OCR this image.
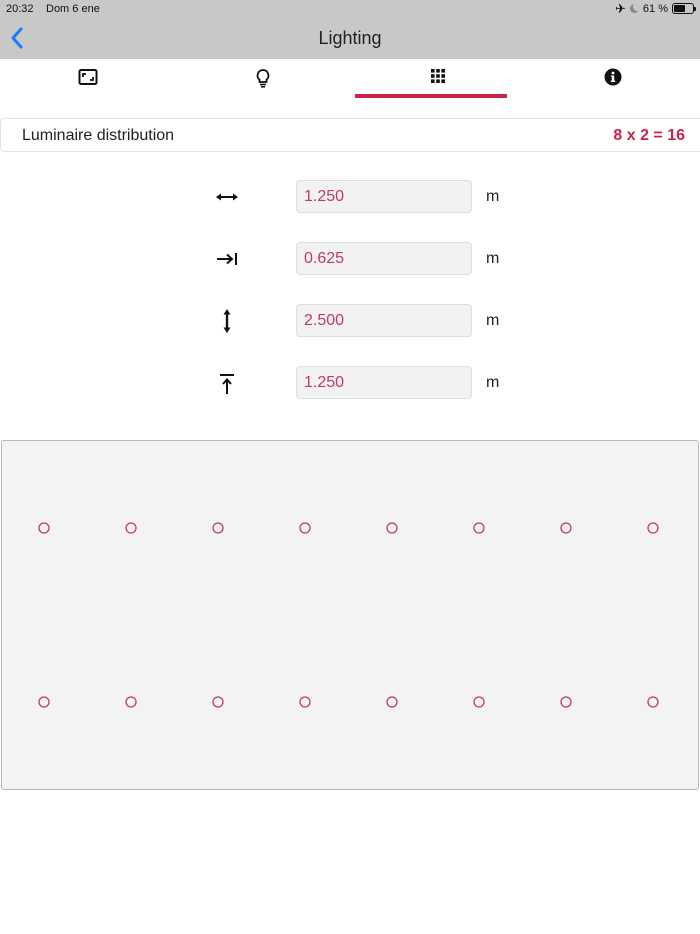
20:32 Dom 6 ene	✈ 61 %
Lighting
Luminaire distribution	8 x 2 = 16
1.250
m
0.625
m
2.500
m
1.250
m
